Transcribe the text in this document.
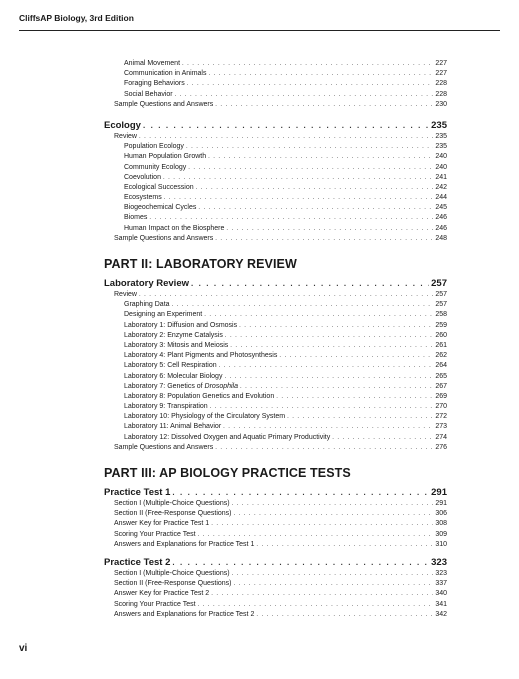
CliffsAP Biology, 3rd Edition
Animal Movement . . .	227
Communication in Animals . . .	227
Foraging Behaviors . . .	228
Social Behavior . . .	228
Sample Questions and Answers . . .	230
Ecology . . .	235
Review . . .	235
Population Ecology . . .	235
Human Population Growth . . .	240
Community Ecology . . .	240
Coevolution . . .	241
Ecological Succession . . .	242
Ecosystems . . .	244
Biogeochemical Cycles . . .	245
Biomes . . .	246
Human Impact on the Biosphere . . .	246
Sample Questions and Answers . . .	248
PART II: LABORATORY REVIEW
Laboratory Review . . .	257
Review . . .	257
Graphing Data . . .	257
Designing an Experiment . . .	258
Laboratory 1: Diffusion and Osmosis . . .	259
Laboratory 2: Enzyme Catalysis . . .	260
Laboratory 3: Mitosis and Meiosis . . .	261
Laboratory 4: Plant Pigments and Photosynthesis . . .	262
Laboratory 5: Cell Respiration . . .	264
Laboratory 6: Molecular Biology . . .	265
Laboratory 7: Genetics of Drosophila . . .	267
Laboratory 8: Population Genetics and Evolution . . .	269
Laboratory 9: Transpiration . . .	270
Laboratory 10: Physiology of the Circulatory System . . .	272
Laboratory 11: Animal Behavior . . .	273
Laboratory 12: Dissolved Oxygen and Aquatic Primary Productivity . . .	274
Sample Questions and Answers . . .	276
PART III: AP BIOLOGY PRACTICE TESTS
Practice Test 1 . . .	291
Section I (Multiple-Choice Questions) . . .	291
Section II (Free-Response Questions) . . .	306
Answer Key for Practice Test 1 . . .	308
Scoring Your Practice Test . . .	309
Answers and Explanations for Practice Test 1 . . .	310
Practice Test 2 . . .	323
Section I (Multiple-Choice Questions) . . .	323
Section II (Free-Response Questions) . . .	337
Answer Key for Practice Test 2 . . .	340
Scoring Your Practice Test . . .	341
Answers and Explanations for Practice Test 2 . . .	342
vi
